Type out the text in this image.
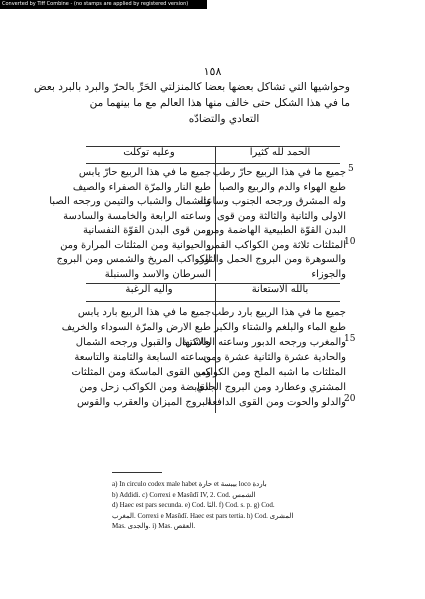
Converted by Tiff Combine - (no stamps are applied by registered version)
١٥٨
وحواشيها التي تشاكل بعضها بعضا كالمنزلتي الحَرِّ بالحرّ والبرد بالبرد بعض
ما في هذا الشكل حتى خالف منها هذا العالم مع ما بينهما من
التعادي والتضادّه
الحمد لله كثيرا
وعليه توكلت
جميع ما في هذا الربيع حارّ رطب
طبع الهواء والدم والربيع والصبا
وله المشرق ورجحه الجنوب وساعته
الاولى والثانية والثالثة ومن قوى
البدن القوّة الطبيعية الهاضمة ومن
المثلثات ثلاثة ومن الكواكب القمر
والسوهرة ومن البروج الحمل والثور
والجوزاء
جميع ما في هذا الربيع حارّ يابس
طبع النار والمرّة الصفراء والصيف
والشمال والشباب والتيمن ورجحه الصبا
وساعته الرابعة والخامسة والسادسة
ومن قوى البدن القوّة النفسانية
والحيوانية ومن المثلثات المرارة ومن
الكواكب المريخ والشمس ومن البروج
السرطان والاسد والسنبلة
بالله الاستعانة
واليه الرغبة
جميع ما في هذا الربيع بارد رطب
طبع الماء والبلغم والشتاء والكبر
والمغرب ورجحه الدبور وساعته العاشرة
والحادية عشرة والثانية عشرة ومن
المثلثات ما اشبه الملح ومن الكواكب
المشتري وعطارد ومن البروج الجدي
والدلو والحوت ومن القوى الدافعة
جميع ما في هذا الربيع بارد يابس
طبع الارض والمرّة السوداء والخريف
والاكتهال والقبول ورجحه الشمال
وساعته السابعة والثامنة والتاسعة
ومن القوى الماسكة ومن المثلثات
القابضة ومن الكواكب زحل ومن
البروج الميزان والعقرب والقوس
5
10
15
20
a) In circulo codex male habet حارة et بيبسة loco باردة
b) Addidi. c) Correxi e Masûdî IV, 2. Cod. الشمس
d) Haec est pars secunda. e) Cod. الثا. f) Cod. s. p. g) Cod.
المغرب. Correxi e Masûdî. Haec est pars tertia. h) Cod. المشرى
Mas. والجدى. i) Mas. العقص.
